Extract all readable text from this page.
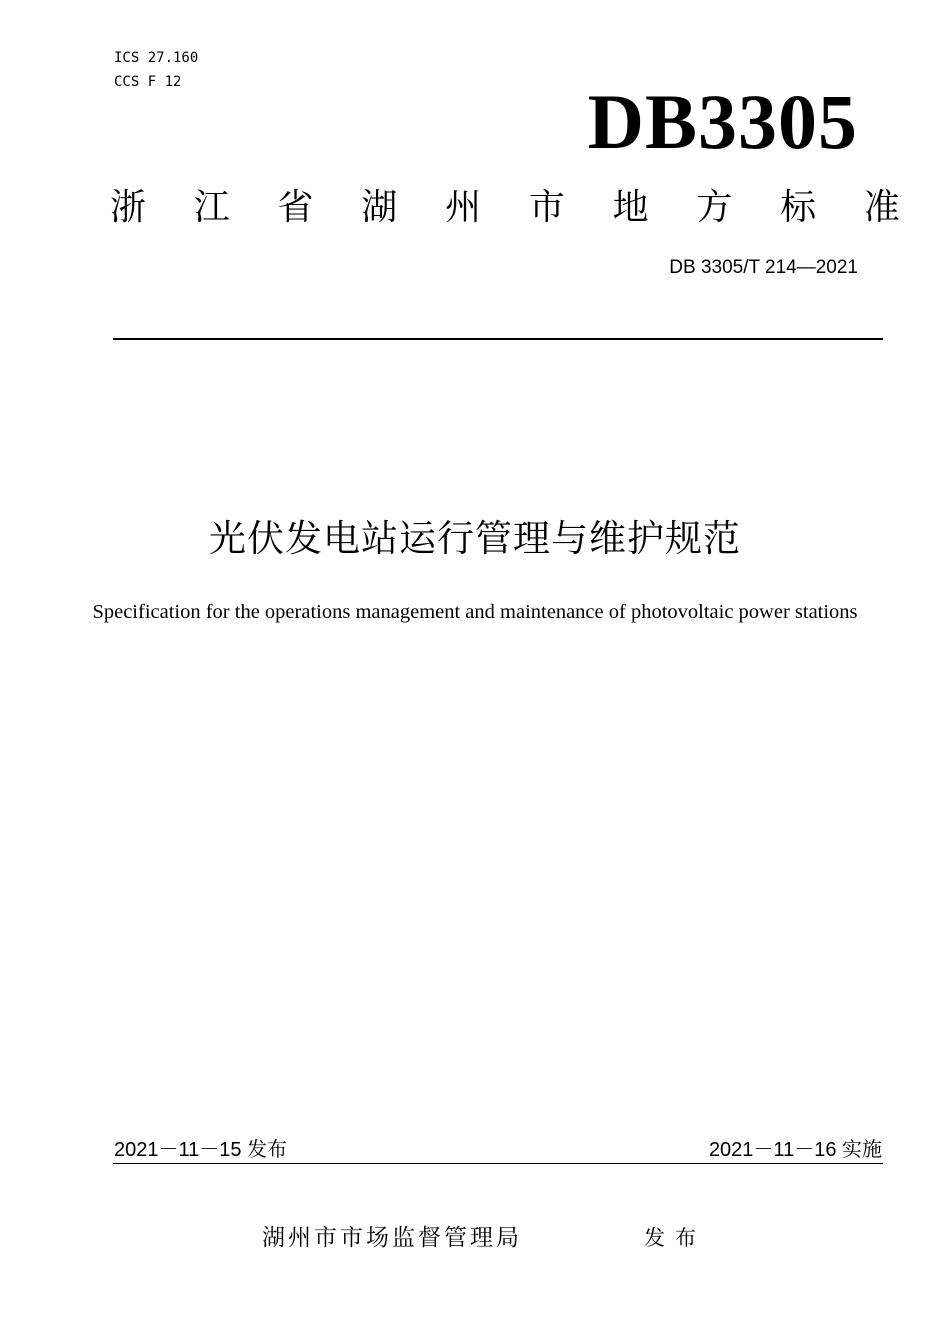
ICS 27.160
CCS F 12	DB3305
浙 江 省 湖 州 市 地 方 标 准
DB 3305/T 214—2021
光伏发电站运行管理与维护规范
Specification for the operations management and maintenance of photovoltaic power stations
2021－11－15 发布	2021－11－16 实施
湖州市市场监督管理局	发布
